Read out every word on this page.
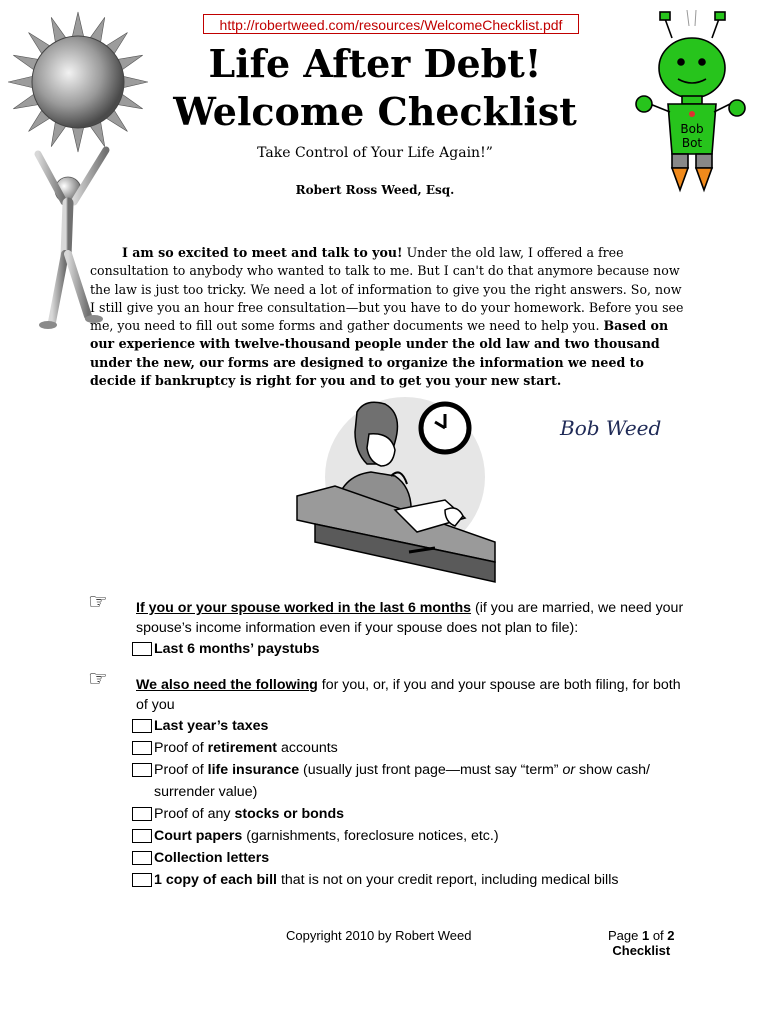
http://robertweed.com/resources/WelcomeChecklist.pdf
Life After Debt!
Welcome Checklist
Take Control of Your Life Again!”
Robert Ross Weed, Esq.
Bob
Bot
I am so excited to meet and talk to you! Under the old law, I offered a free consultation to anybody who wanted to talk to me. But I can't do that anymore because now the law is just too tricky. We need a lot of information to give you the right answers. So, now I still give you an hour free consultation—but you have to do your homework. Before you see me, you need to fill out some forms and gather documents we need to help you. Based on our experience with twelve-thousand people under the old law and two thousand under the new, our forms are designed to organize the information we need to decide if bankruptcy is right for you and to get you your new start.
Bob Weed
☞ If you or your spouse worked in the last 6 months (if you are married, we need your spouse’s income information even if your spouse does not plan to file):
Last 6 months’ paystubs
☞ We also need the following for you, or, if you and your spouse are both filing, for both of you
Last year’s taxes
Proof of retirement accounts
Proof of life insurance (usually just front page—must say “term” or show cash/ surrender value)
Proof of any stocks or bonds
Court papers (garnishments, foreclosure notices, etc.)
Collection letters
1 copy of each bill that is not on your credit report, including medical bills
Copyright 2010 by Robert Weed	Page 1 of 2
Checklist
